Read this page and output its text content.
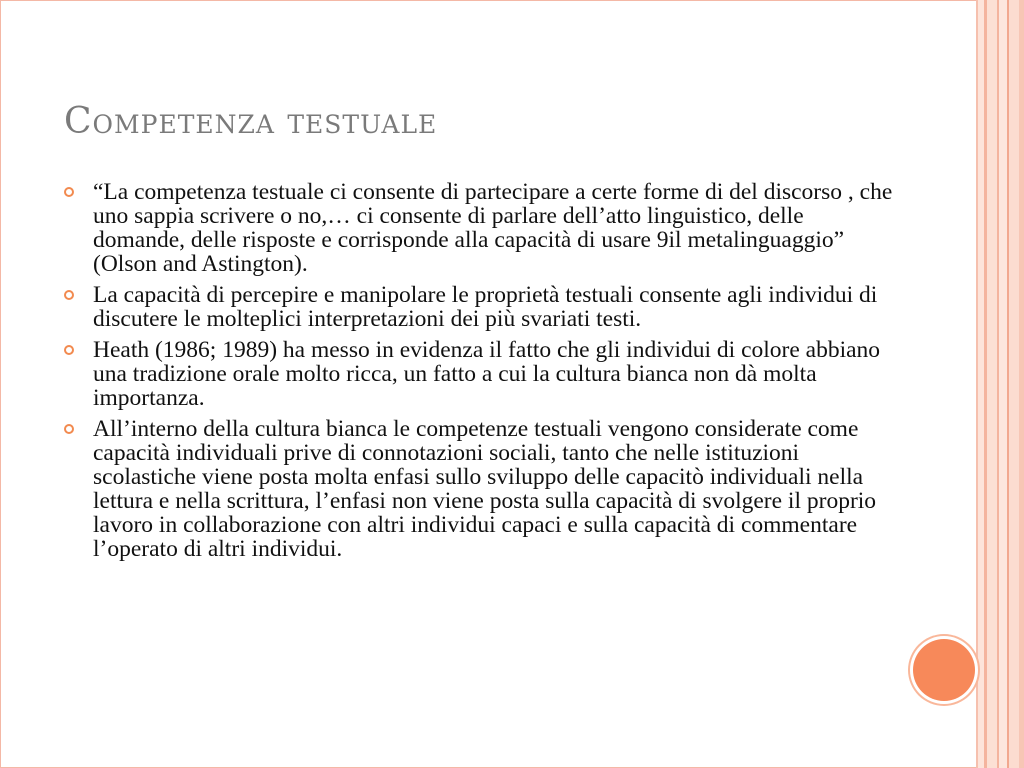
Competenza testuale
“La competenza testuale ci consente di partecipare a certe forme di del discorso , che uno sappia scrivere o no,… ci consente di parlare dell’atto linguistico, delle domande, delle risposte e corrisponde alla capacità di usare 9il metalinguaggio” (Olson and Astington).
La capacità di percepire e manipolare le proprietà testuali consente agli individui di discutere le molteplici interpretazioni dei più svariati testi.
Heath (1986; 1989) ha messo in evidenza il fatto che gli individui di colore abbiano una tradizione orale molto ricca, un fatto a cui la cultura bianca non dà molta importanza.
All’interno della cultura bianca le competenze testuali vengono considerate come capacità individuali prive di connotazioni sociali, tanto che nelle istituzioni scolastiche viene posta molta enfasi sullo sviluppo delle capacitò individuali nella lettura e nella scrittura, l’enfasi non viene posta sulla capacità di svolgere il proprio lavoro in collaborazione con altri individui capaci e sulla capacità di commentare l’operato di altri individui.
